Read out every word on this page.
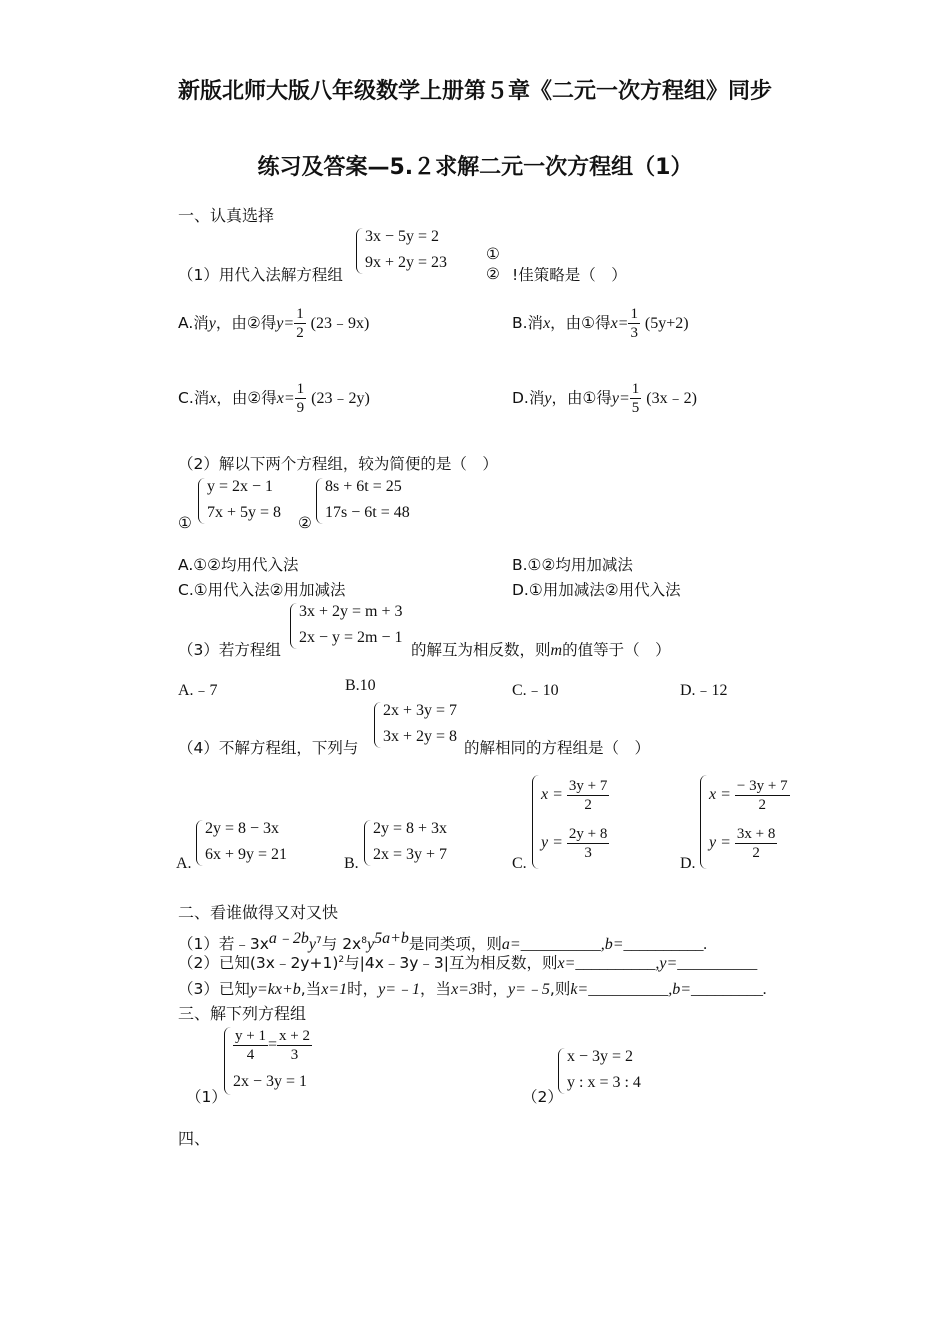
新版北师大版八年级数学上册第５章《二元一次方程组》同步
练习及答案—5.２求解二元一次方程组（1）
一、认真选择
（1）用代入法解方程组
3x − 5y = 2
9x + 2y = 23	①
② !佳策略是（　）
A.消y，由②得$y= \frac{1}{2}$ (23﹣9x)	B.消x，由①得$x= \frac{1}{3} (5y+2)$
C.消x，由②得$x= \frac{1}{9}$ (23﹣2y)	D.消y，由①得$y= \frac{1}{5}$ (3x﹣2)
（2）解以下两个方程组，较为简便的是（　）
①
y = 2x − 1
7x + 5y = 8
②
8s + 6t = 25
17s − 6t = 48
A.①②均用代入法	B.①②均用加减法
C.①用代入法②用加减法	D.①用加减法②用代入法
（3）若方程组
3x + 2y = m + 3
2x − y = 2m − 1
的解互为相反数，则m的值等于（　）
A.﹣7	B.10	C.﹣10	D.﹣12
（4）不解方程组，下列与
2x + 3y = 7
3x + 2y = 8
的解相同的方程组是（　）
A.
2y = 8 − 3x
6x + 9y = 21
B.
2y = 8 + 3x
2x = 3y + 7
C.
$x = \frac{3y + 7}{2}$
$y = \frac{2y + 8}{3}$
D.
$x = \frac{- 3y + 7}{2}$
$y = \frac{3x + 8}{2}$
二、看谁做得又对又快
（1）若$﹣3x^{a﹣2b}y^7$与 $2x^8y^{5a+b}$是同类项，则a=__________,b=__________.
（2）已知(3x﹣2y+1)$^2$与|4x﹣3y﹣3|互为相反数，则x=__________,y=__________
（3）已知y=kx+b,当x=1时，y=﹣1，当x=3时，y=﹣5,则k=__________,b=_________.
三、解下列方程组
（1）
$\frac{y + 1}{4} = \frac{x + 2}{3}$
2x − 3y = 1
（2）
x − 3y = 2
y : x = 3 : 4
四、
